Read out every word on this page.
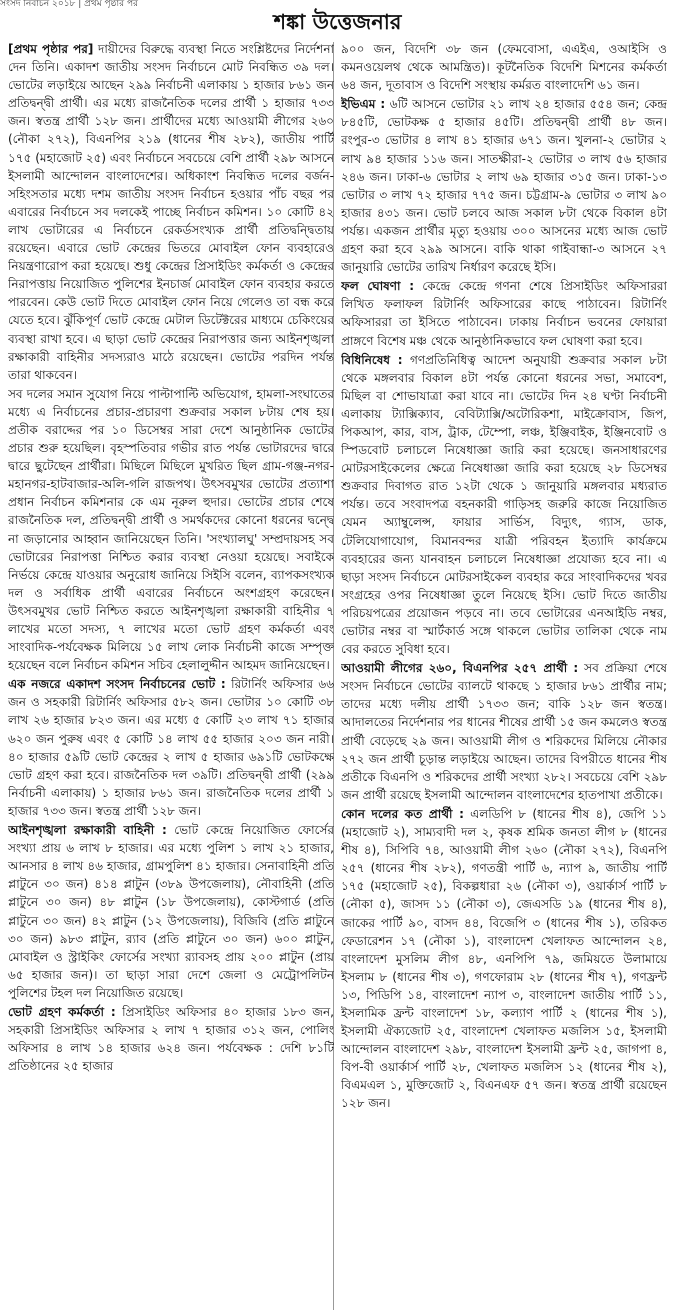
সংসদ নির্বাচন ২০১৮ | প্রথম পৃষ্ঠার পর
শঙ্কা উত্তেজনার

[প্রথম পৃষ্ঠার পর] দায়ীদের বিরুদ্ধে ব্যবস্থা নিতে সংশ্লিষ্টদের নির্দেশনা দেন তিনি। একাদশ জাতীয় সংসদ নির্বাচনে মোট নিবন্ধিত ৩৯ দল। ভোটের লড়াইয়ে আছেন ২৯৯ নির্বাচনী এলাকায় ১ হাজার ৮৬১ জন প্রতিদ্বন্দ্বী প্রার্থী। এর মধ্যে রাজনৈতিক দলের প্রার্থী ১ হাজার ৭৩৩ জন। স্বতন্ত্র প্রার্থী ১২৮ জন। প্রার্থীদের মধ্যে আওয়ামী লীগের ২৬০ (নৌকা ২৭২), বিএনপির ২১৯ (ধানের শীষ ২৮২), জাতীয় পার্টি ১৭৫ (মহাজোট ২৫) এবং নির্বাচনে সবচেয়ে বেশি প্রার্থী ২৯৮ আসনে ইসলামী আন্দোলন বাংলাদেশের। অধিকাংশ নিবন্ধিত দলের বর্জন-সহিংসতার মধ্যে দশম জাতীয় সংসদ নির্বাচন হওয়ার পাঁচ বছর পর এবারের নির্বাচনে সব দলকেই পাচ্ছে নির্বাচন কমিশন। ১০ কোটি ৪২ লাখ ভোটারের এ নির্বাচনে রেকর্ডসংখ্যক প্রার্থী প্রতিদ্বন্দ্বিতায় রয়েছেন। এবারে ভোট কেন্দ্রের ভিতরে মোবাইল ফোন ব্যবহারেও নিয়ন্ত্রণারোপ করা হয়েছে। শুধু কেন্দ্রের প্রিসাইডিং কর্মকর্তা ও কেন্দ্রের নিরাপত্তায় নিয়োজিত পুলিশের ইনচার্জ মোবাইল ফোন ব্যবহার করতে পারবেন। কেউ ভোট দিতে মোবাইল ফোন নিয়ে গেলেও তা বন্ধ করে যেতে হবে। ঝুঁকিপূর্ণ ভোট কেন্দ্রে মেটাল ডিটেক্টরের মাধ্যমে চেকিংয়ের ব্যবস্থা রাখা হবে। এ ছাড়া ভোট কেন্দ্রের নিরাপত্তার জন্য আইনশৃঙ্খলা রক্ষাকারী বাহিনীর সদস্যরাও মাঠে রয়েছেন। ভোটের পরদিন পর্যন্ত তারা থাকবেন।

সব দলের সমান সুযোগ নিয়ে পাল্টাপাল্টি অভিযোগ, হামলা-সংঘাতের মধ্যে এ নির্বাচনের প্রচার-প্রচারণা শুক্রবার সকাল ৮টায় শেষ হয়। প্রতীক বরাদ্দের পর ১০ ডিসেম্বর সারা দেশে আনুষ্ঠানিক ভোটের প্রচার শুরু হয়েছিল। বৃহস্পতিবার গভীর রাত পর্যন্ত ভোটারদের দ্বারে দ্বারে ছুটেছেন প্রার্থীরা। মিছিলে মিছিলে মুখরিত ছিল গ্রাম-গঞ্জ-নগর-মহানগর-হাটবাজার-অলি-গলি রাজপথ। উৎসবমুখর ভোটের প্রত্যাশা প্রধান নির্বাচন কমিশনার কে এম নূরুল হুদার। ভোটের প্রচার শেষে রাজনৈতিক দল, প্রতিদ্বন্দ্বী প্রার্থী ও সমর্থকদের কোনো ধরনের দ্বন্দ্বে না জড়ানোর আহ্বান জানিয়েছেন তিনি। 'সংখ্যালঘু' সম্প্রদায়সহ সব ভোটারের নিরাপত্তা নিশ্চিত করার ব্যবস্থা নেওয়া হয়েছে। সবাইকে নির্ভয়ে কেন্দ্রে যাওয়ার অনুরোধ জানিয়ে সিইসি বলেন, ব্যাপকসংখ্যক দল ও সর্বাধিক প্রার্থী এবারের নির্বাচনে অংশগ্রহণ করেছেন। উৎসবমুখর ভোট নিশ্চিত করতে আইনশৃঙ্খলা রক্ষাকারী বাহিনীর ৭ লাখের মতো সদস্য, ৭ লাখের মতো ভোট গ্রহণ কর্মকর্তা এবং সাংবাদিক-পর্যবেক্ষক মিলিয়ে ১৫ লাখ লোক নির্বাচনী কাজে সম্পৃক্ত হয়েছেন বলে নির্বাচন কমিশন সচিব হেলালুদ্দীন আহমদ জানিয়েছেন।

এক নজরে একাদশ সংসদ নির্বাচনের ভোট : রিটার্নিং অফিসার ৬৬ জন ও সহকারী রিটার্নিং অফিসার ৫৮২ জন। ভোটার ১০ কোটি ৩৮ লাখ ২৬ হাজার ৮২৩ জন। এর মধ্যে ৫ কোটি ২৩ লাখ ৭১ হাজার ৬২০ জন পুরুষ এবং ৫ কোটি ১৪ লাখ ৫৫ হাজার ২০৩ জন নারী। ৪০ হাজার ৫৯টি ভোট কেন্দ্রের ২ লাখ ৫ হাজার ৬৯১টি ভোটকক্ষে ভোট গ্রহণ করা হবে। রাজনৈতিক দল ৩৯টি। প্রতিদ্বন্দ্বী প্রার্থী (২৯৯ নির্বাচনী এলাকায়) ১ হাজার ৮৬১ জন। রাজনৈতিক দলের প্রার্থী ১ হাজার ৭৩৩ জন। স্বতন্ত্র প্রার্থী ১২৮ জন।

আইনশৃঙ্খলা রক্ষাকারী বাহিনী : ভোট কেন্দ্রে নিয়োজিত ফোর্সের সংখ্যা প্রায় ৬ লাখ ৮ হাজার। এর মধ্যে পুলিশ ১ লাখ ২১ হাজার, আনসার ৪ লাখ ৪৬ হাজার, গ্রামপুলিশ ৪১ হাজার। সেনাবাহিনী প্রতি প্লাটুনে ৩০ জন) ৪১৪ প্লাটুন (৩৮৯ উপজেলায়), নৌবাহিনী (প্রতি প্লাটুনে ৩০ জন) ৪৮ প্লাটুন (১৮ উপজেলায়), কোস্টগার্ড (প্রতি প্লাটুনে ৩০ জন) ৪২ প্লাটুন (১২ উপজেলায়), বিজিবি (প্রতি প্লাটুনে ৩০ জন) ৯৮৩ প্লাটুন, র‌্যাব (প্রতি প্লাটুনে ৩০ জন) ৬০০ প্লাটুন, মোবাইল ও স্ট্রাইকিং ফোর্সের সংখ্যা র‌্যাবসহ প্রায় ২০০ প্লাটুন (প্রায় ৬৫ হাজার জন)। তা ছাড়া সারা দেশে জেলা ও মেট্রোপলিটন পুলিশের টহল দল নিয়োজিত রয়েছে।

ভোট গ্রহণ কর্মকর্তা : প্রিসাইডিং অফিসার ৪০ হাজার ১৮৩ জন, সহকারী প্রিসাইডিং অফিসার ২ লাখ ৭ হাজার ৩১২ জন, পোলিং অফিসার ৪ লাখ ১৪ হাজার ৬২৪ জন। পর্যবেক্ষক : দেশি ৮১টি প্রতিষ্ঠানের ২৫ হাজার

৯০০ জন, বিদেশি ৩৮ জন (ফেমবোসা, এএইএ, ওআইসি ও কমনওয়েলথ থেকে আমন্ত্রিত)। কূটনৈতিক বিদেশি মিশনের কর্মকর্তা ৬৪ জন, দূতাবাস ও বিদেশি সংস্থায় কর্মরত বাংলাদেশি ৬১ জন।

ইভিএম : ৬টি আসনে ভোটার ২১ লাখ ২৪ হাজার ৫৫৪ জন; কেন্দ্র ৮৪৫টি, ভোটকক্ষ ৫ হাজার ৪৫টি। প্রতিদ্বন্দ্বী প্রার্থী ৪৮ জন। রংপুর-৩ ভোটার ৪ লাখ ৪১ হাজার ৬৭১ জন। খুলনা-২ ভোটার ২ লাখ ৯৪ হাজার ১১৬ জন। সাতক্ষীরা-২ ভোটার ৩ লাখ ৫৬ হাজার ২৪৬ জন। ঢাকা-৬ ভোটার ২ লাখ ৬৯ হাজার ৩১৫ জন। ঢাকা-১৩ ভোটার ৩ লাখ ৭২ হাজার ৭৭৫ জন। চট্টগ্রাম-৯ ভোটার ৩ লাখ ৯০ হাজার ৪৩১ জন। ভোট চলবে আজ সকাল ৮টা থেকে বিকাল ৪টা পর্যন্ত। একজন প্রার্থীর মৃত্যু হওয়ায় ৩০০ আসনের মধ্যে আজ ভোট গ্রহণ করা হবে ২৯৯ আসনে। বাকি থাকা গাইবান্ধা-৩ আসনে ২৭ জানুয়ারি ভোটের তারিখ নির্ধারণ করেছে ইসি।

ফল ঘোষণা : কেন্দ্রে কেন্দ্রে গণনা শেষে প্রিসাইডিং অফিসাররা লিখিত ফলাফল রিটার্নিং অফিসারের কাছে পাঠাবেন। রিটার্নিং অফিসাররা তা ইসিতে পাঠাবেন। ঢাকায় নির্বাচন ভবনের ফোয়ারা প্রাঙ্গণে বিশেষ মঞ্চ থেকে আনুষ্ঠানিকভাবে ফল ঘোষণা করা হবে।

বিধিনিষেধ : গণপ্রতিনিধিত্ব আদেশ অনুযায়ী শুক্রবার সকাল ৮টা থেকে মঙ্গলবার বিকাল ৪টা পর্যন্ত কোনো ধরনের সভা, সমাবেশ, মিছিল বা শোভাযাত্রা করা যাবে না। ভোটের দিন ২৪ ঘণ্টা নির্বাচনী এলাকায় ট্যাক্সিক্যাব, বেবিট্যাক্সি/অটোরিকশা, মাইক্রোবাস, জিপ, পিকআপ, কার, বাস, ট্রাক, টেম্পো, লঞ্চ, ইঞ্জিবাইক, ইঞ্জিনবোট ও স্পিডবোট চলাচলে নিষেধাজ্ঞা জারি করা হয়েছে। জনসাধারণের মোটরসাইকেলের ক্ষেত্রে নিষেধাজ্ঞা জারি করা হয়েছে ২৮ ডিসেম্বর শুক্রবার দিবাগত রাত ১২টা থেকে ১ জানুয়ারি মঙ্গলবার মধ্যরাত পর্যন্ত। তবে সংবাদপত্র বহনকারী গাড়িসহ জরুরি কাজে নিয়োজিত যেমন অ্যাম্বুলেন্স, ফায়ার সার্ভিস, বিদ্যুৎ, গ্যাস, ডাক, টেলিযোগাযোগ, বিমানবন্দর যাত্রী পরিবহন ইত্যাদি কার্যক্রমে ব্যবহারের জন্য যানবাহন চলাচলে নিষেধাজ্ঞা প্রযোজ্য হবে না। এ ছাড়া সংসদ নির্বাচনে মোটরসাইকেল ব্যবহার করে সাংবাদিকদের খবর সংগ্রহের ওপর নিষেধাজ্ঞা তুলে নিয়েছে ইসি। ভোট দিতে জাতীয় পরিচয়পত্রের প্রয়োজন পড়বে না। তবে ভোটারের এনআইডি নম্বর, ভোটার নম্বর বা স্মার্টকার্ড সঙ্গে থাকলে ভোটার তালিকা থেকে নাম বের করতে সুবিধা হবে।

আওয়ামী লীগের ২৬০, বিএনপির ২৫৭ প্রার্থী : সব প্রক্রিয়া শেষে সংসদ নির্বাচনে ভোটের ব্যালটে থাকছে ১ হাজার ৮৬১ প্রার্থীর নাম; তাদের মধ্যে দলীয় প্রার্থী ১৭৩৩ জন; বাকি ১২৮ জন স্বতন্ত্র। আদালতের নির্দেশনার পর ধানের শীষের প্রার্থী ১৫ জন কমলেও স্বতন্ত্র প্রার্থী বেড়েছে ২৯ জন। আওয়ামী লীগ ও শরিকদের মিলিয়ে নৌকার ২৭২ জন প্রার্থী চূড়ান্ত লড়াইয়ে আছেন। তাদের বিপরীতে ধানের শীষ প্রতীকে বিএনপি ও শরিকদের প্রার্থী সংখ্যা ২৮২। সবচেয়ে বেশি ২৯৮ জন প্রার্থী রয়েছে ইসলামী আন্দোলন বাংলাদেশের হাতপাখা প্রতীকে।

কোন দলের কত প্রার্থী : এলডিপি ৮ (ধানের শীষ ৪), জেপি ১১ (মহাজোট ২), সাম্যবাদী দল ২, কৃষক শ্রমিক জনতা লীগ ৮ (ধানের শীষ ৪), সিপিবি ৭৪, আওয়ামী লীগ ২৬০ (নৌকা ২৭২), বিএনপি ২৫৭ (ধানের শীষ ২৮২), গণতন্ত্রী পার্টি ৬, ন্যাপ ৯, জাতীয় পার্টি ১৭৫ (মহাজোট ২৫), বিকল্পধারা ২৬ (নৌকা ৩), ওয়ার্কার্স পার্টি ৮ (নৌকা ৫), জাসদ ১১ (নৌকা ৩), জেএসডি ১৯ (ধানের শীষ ৪), জাকের পার্টি ৯০, বাসদ ৪৪, বিজেপি ৩ (ধানের শীষ ১), তরিকত ফেডারেশন ১৭ (নৌকা ১), বাংলাদেশ খেলাফত আন্দোলন ২৪, বাংলাদেশ মুসলিম লীগ ৪৮, এনপিপি ৭৯, জমিয়তে উলামায়ে ইসলাম ৮ (ধানের শীষ ৩), গণফোরাম ২৮ (ধানের শীষ ৭), গণফ্রন্ট ১৩, পিডিপি ১৪, বাংলাদেশ ন্যাপ ৩, বাংলাদেশ জাতীয় পার্টি ১১, ইসলামিক ফ্রন্ট বাংলাদেশ ১৮, কল্যাণ পার্টি ২ (ধানের শীষ ১), ইসলামী ঐক্যজোট ২৫, বাংলাদেশ খেলাফত মজলিস ১৫, ইসলামী আন্দোলন বাংলাদেশ ২৯৮, বাংলাদেশ ইসলামী ফ্রন্ট ২৫, জাগপা ৪, বিপ-বী ওয়ার্কার্স পার্টি ২৮, খেলাফত মজলিস ১২ (ধানের শীষ ২), বিএমএল ১, মুক্তিজোট ২, বিএনএফ ৫৭ জন। স্বতন্ত্র প্রার্থী রয়েছেন ১২৮ জন।
